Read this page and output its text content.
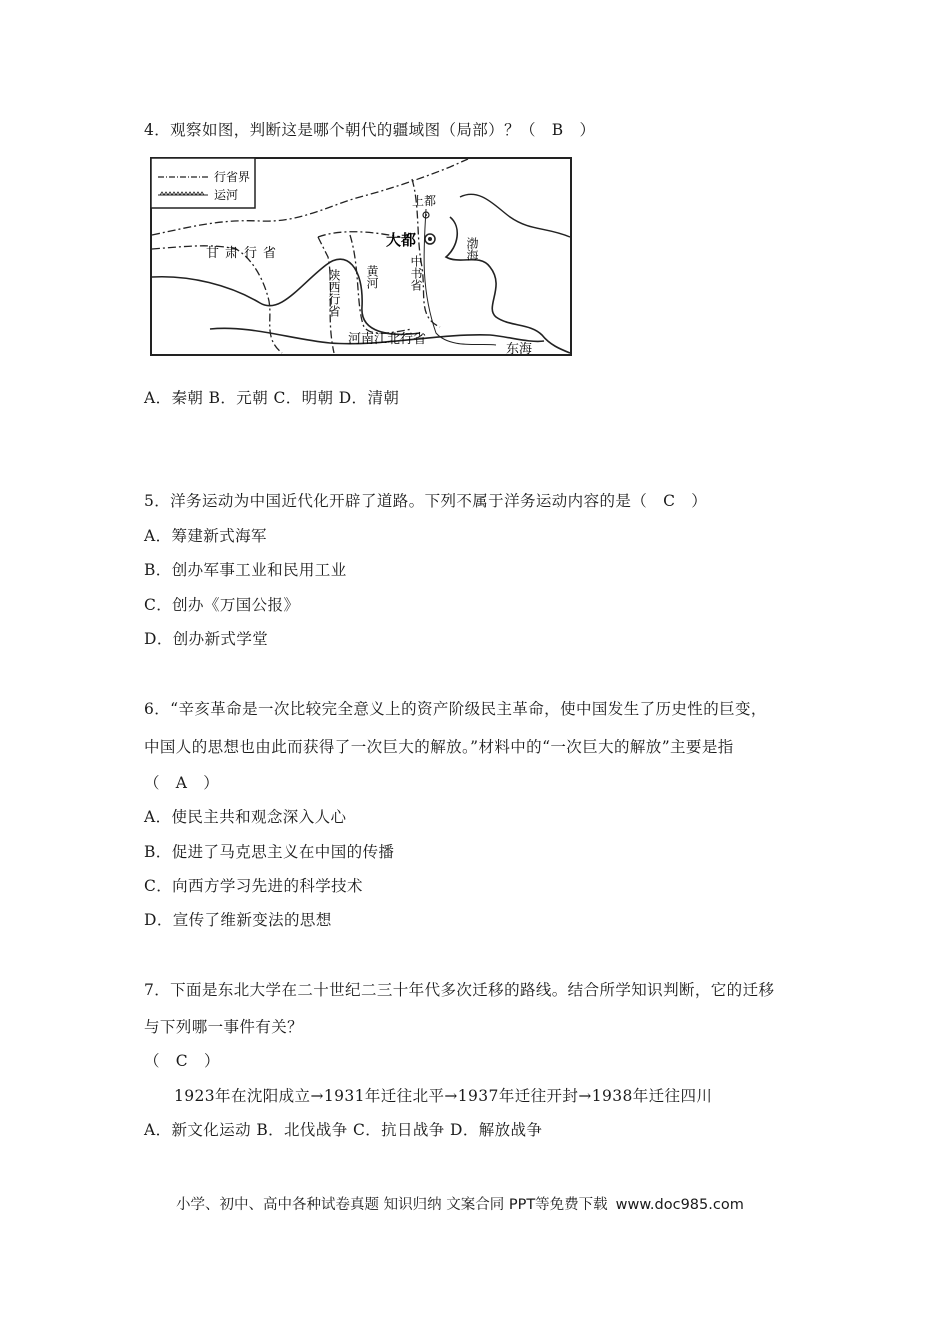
4．观察如图，判断这是哪个朝代的疆域图（局部）？（　B　）
行省界
运河	上都
大都
甘肃行省
陕西行省 黄河	中书省
渤海
河南江北行省
东海
A．秦朝 B．元朝 C．明朝 D．清朝
5．洋务运动为中国近代化开辟了道路。下列不属于洋务运动内容的是（　C　）
A．筹建新式海军
B．创办军事工业和民用工业
C．创办《万国公报》
D．创办新式学堂
6．“辛亥革命是一次比较完全意义上的资产阶级民主革命，使中国发生了历史性的巨变，
中国人的思想也由此而获得了一次巨大的解放。”材料中的“一次巨大的解放”主要是指
（　A　）
A．使民主共和观念深入人心
B．促进了马克思主义在中国的传播
C．向西方学习先进的科学技术
D．宣传了维新变法的思想
7．下面是东北大学在二十世纪二三十年代多次迁移的路线。结合所学知识判断，它的迁移
与下列哪一事件有关？
（　C　）
1923年在沈阳成立→1931年迁往北平→1937年迁往开封→1938年迁往四川
A．新文化运动 B．北伐战争 C．抗日战争 D．解放战争
小学、初中、高中各种试卷真题 知识归纳 文案合同 PPT等免费下载 www.doc985.com
